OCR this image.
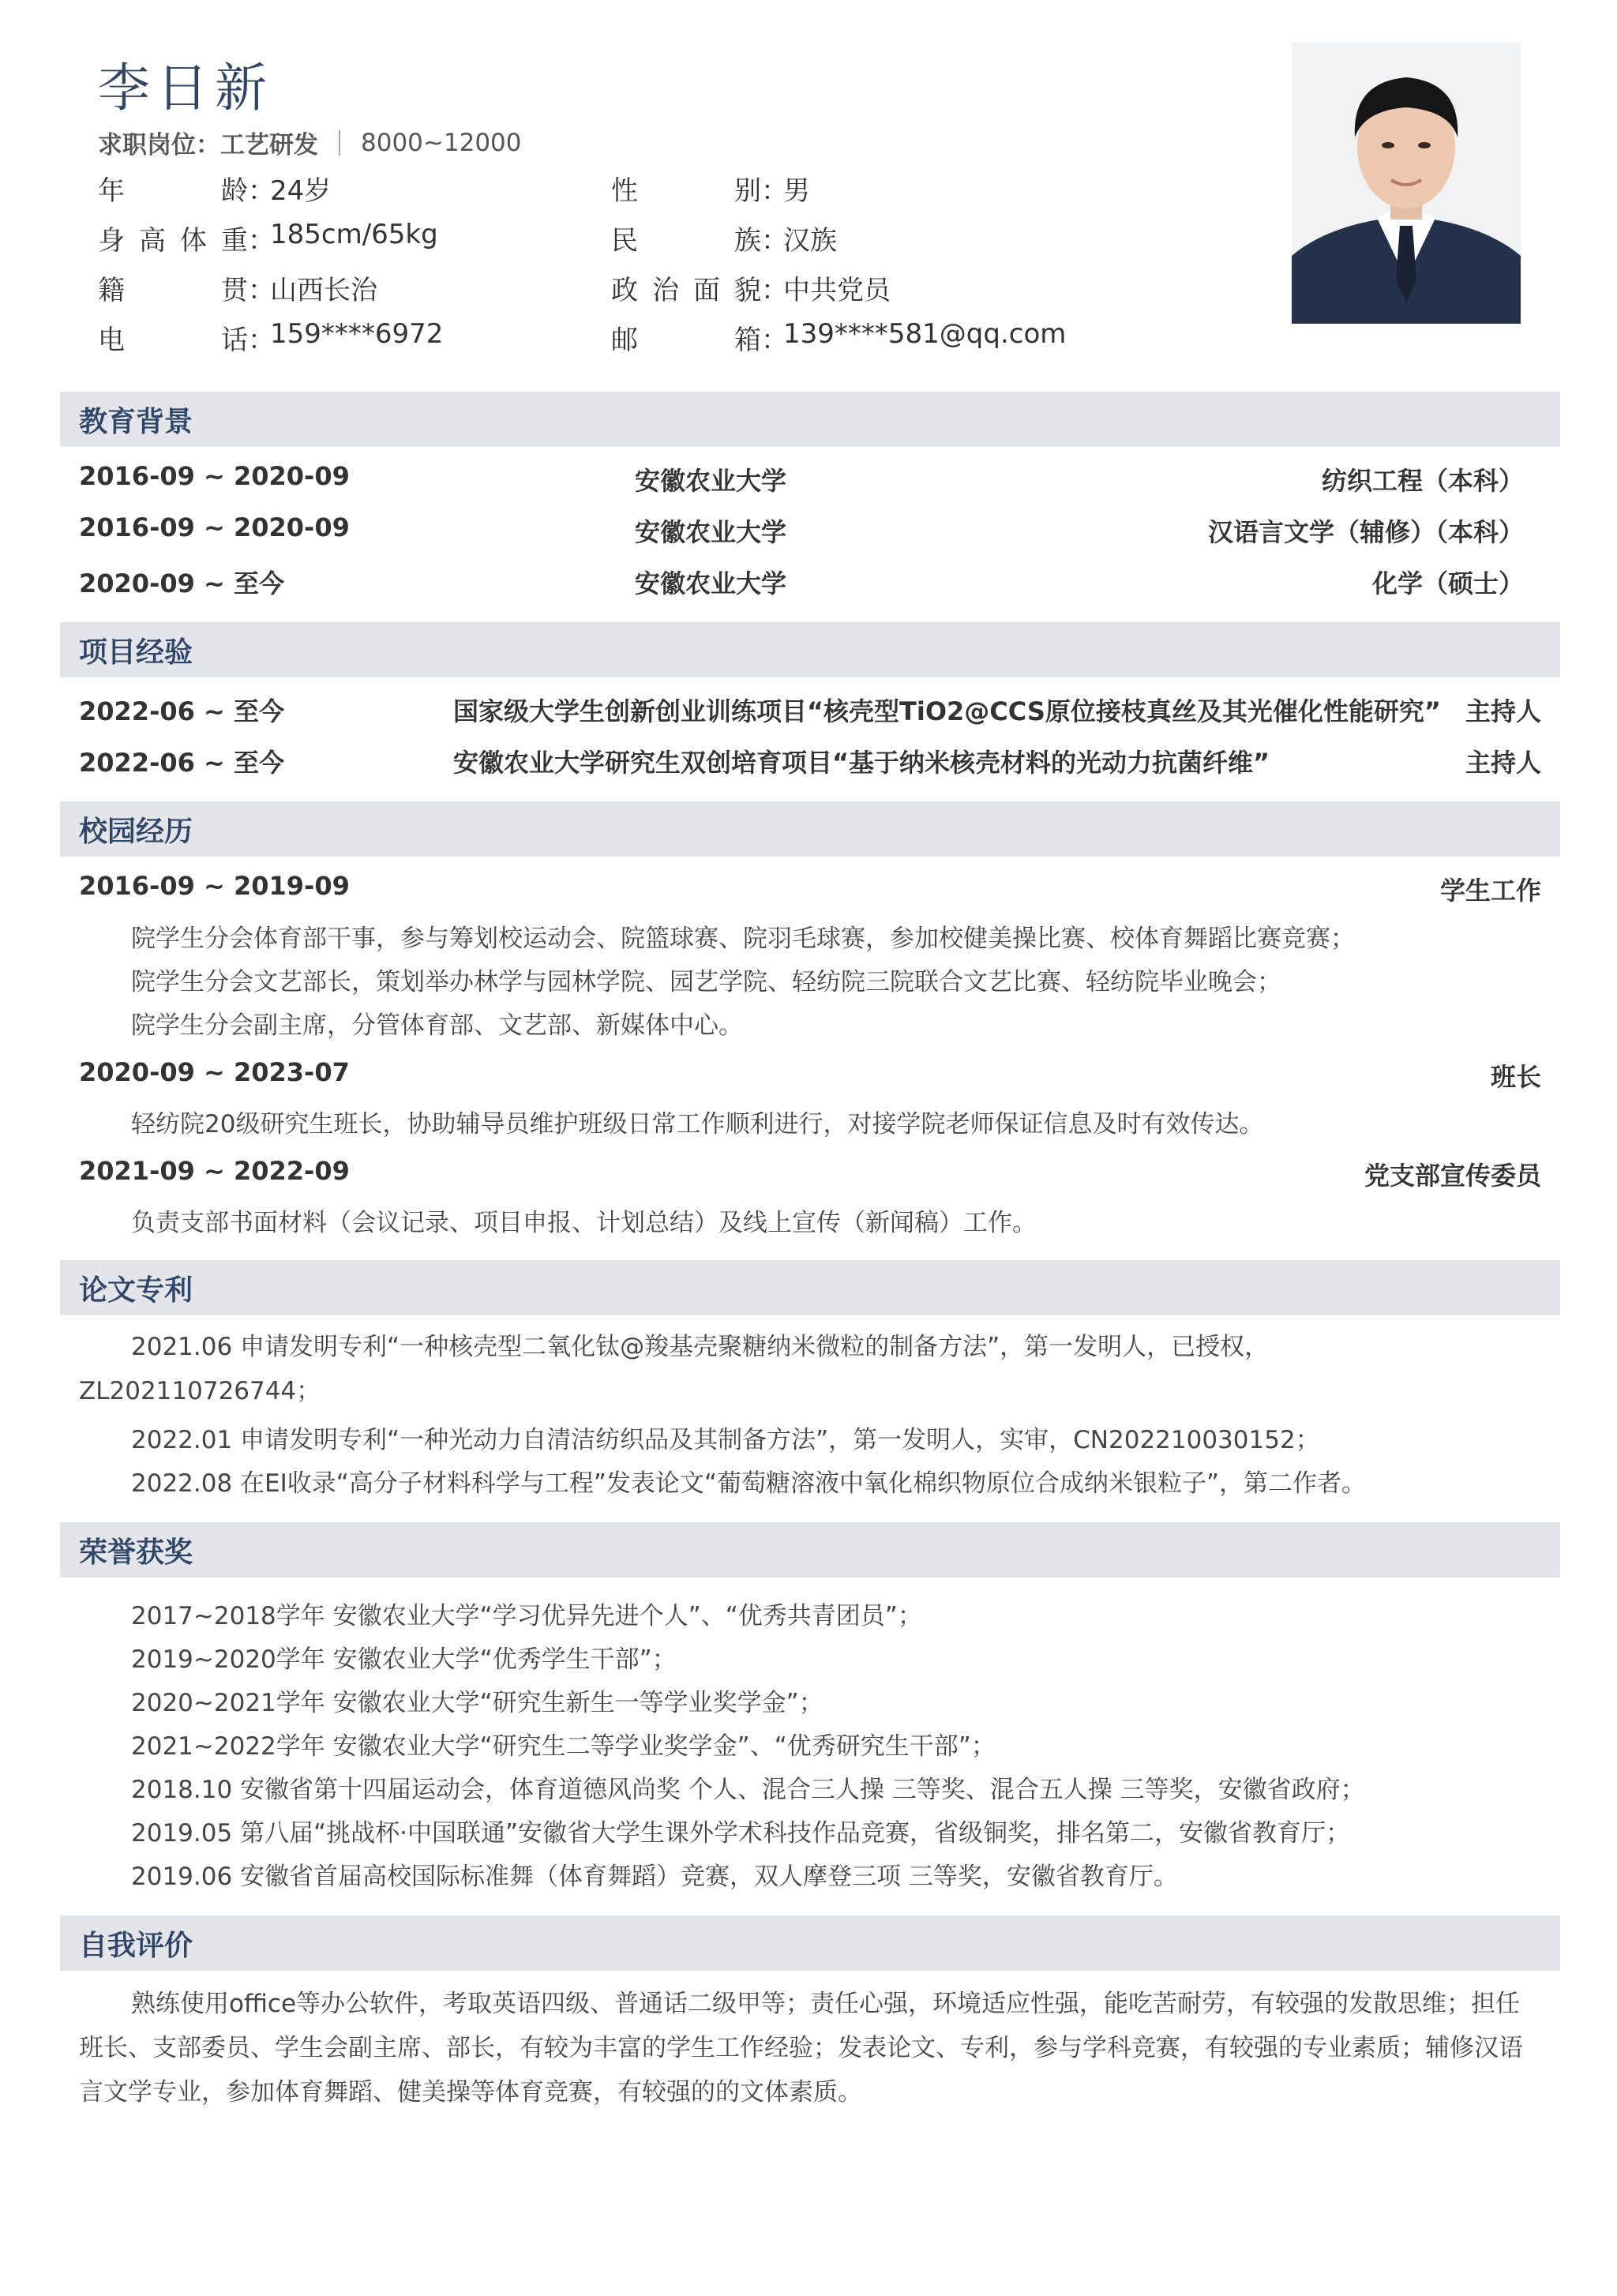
李日新
求职岗位： 工艺研发 8000~12000
年龄 ：
24岁	性别 ：
男
身高体重 ：
185cm/65kg	民族 ：
汉族
籍贯 ：
山西长治	政治面貌 ：
中共党员
电话 ：
159****6972	邮箱 ：
139****581@qq.com
教育背景
2016-09 ~ 2020-09	安徽农业大学	纺织工程（本科）
2016-09 ~ 2020-09	安徽农业大学	汉语言文学（辅修）（本科）
2020-09 ~ 至今	安徽农业大学	化学（硕士）
项目经验
2022-06 ~ 至今	国家级大学生创新创业训练项目“核壳型TiO2@CCS原位接枝真丝及其光催化性能研究” 主持人
2022-06 ~ 至今	安徽农业大学研究生双创培育项目“基于纳米核壳材料的光动力抗菌纤维”	主持人
校园经历
2016-09 ~ 2019-09	学生工作
院学生分会体育部干事，参与筹划校运动会、院篮球赛、院羽毛球赛，参加校健美操比赛、校体育舞蹈比赛竞赛；
院学生分会文艺部长，策划举办林学与园林学院、园艺学院、轻纺院三院联合文艺比赛、轻纺院毕业晚会；
院学生分会副主席，分管体育部、文艺部、新媒体中心。
2020-09 ~ 2023-07	班长
轻纺院20级研究生班长，协助辅导员维护班级日常工作顺利进行，对接学院老师保证信息及时有效传达。
2021-09 ~ 2022-09	党支部宣传委员
负责支部书面材料（会议记录、项目申报、计划总结）及线上宣传（新闻稿）工作。
论文专利
2021.06 申请发明专利“一种核壳型二氧化钛@羧基壳聚糖纳米微粒的制备方法”，第一发明人，已授权，ZL202110726744；
2022.01 申请发明专利“一种光动力自清洁纺织品及其制备方法”，第一发明人，实审，CN202210030152；
2022.08 在EI收录“高分子材料科学与工程”发表论文“葡萄糖溶液中氧化棉织物原位合成纳米银粒子”，第二作者。
荣誉获奖
2017~2018学年 安徽农业大学“学习优异先进个人”、“优秀共青团员”；
2019~2020学年 安徽农业大学“优秀学生干部”；
2020~2021学年 安徽农业大学“研究生新生一等学业奖学金”；
2021~2022学年 安徽农业大学“研究生二等学业奖学金”、“优秀研究生干部”；
2018.10 安徽省第十四届运动会，体育道德风尚奖 个人、混合三人操 三等奖、混合五人操 三等奖，安徽省政府；
2019.05 第八届“挑战杯·中国联通”安徽省大学生课外学术科技作品竞赛，省级铜奖，排名第二，安徽省教育厅；
2019.06 安徽省首届高校国际标准舞（体育舞蹈）竞赛，双人摩登三项 三等奖，安徽省教育厅。
自我评价
熟练使用office等办公软件，考取英语四级、普通话二级甲等；责任心强，环境适应性强，能吃苦耐劳，有较强的发散思维；担任班长、支部委员、学生会副主席、部长，有较为丰富的学生工作经验；发表论文、专利，参与学科竞赛，有较强的专业素质；辅修汉语言文学专业，参加体育舞蹈、健美操等体育竞赛，有较强的的文体素质。
